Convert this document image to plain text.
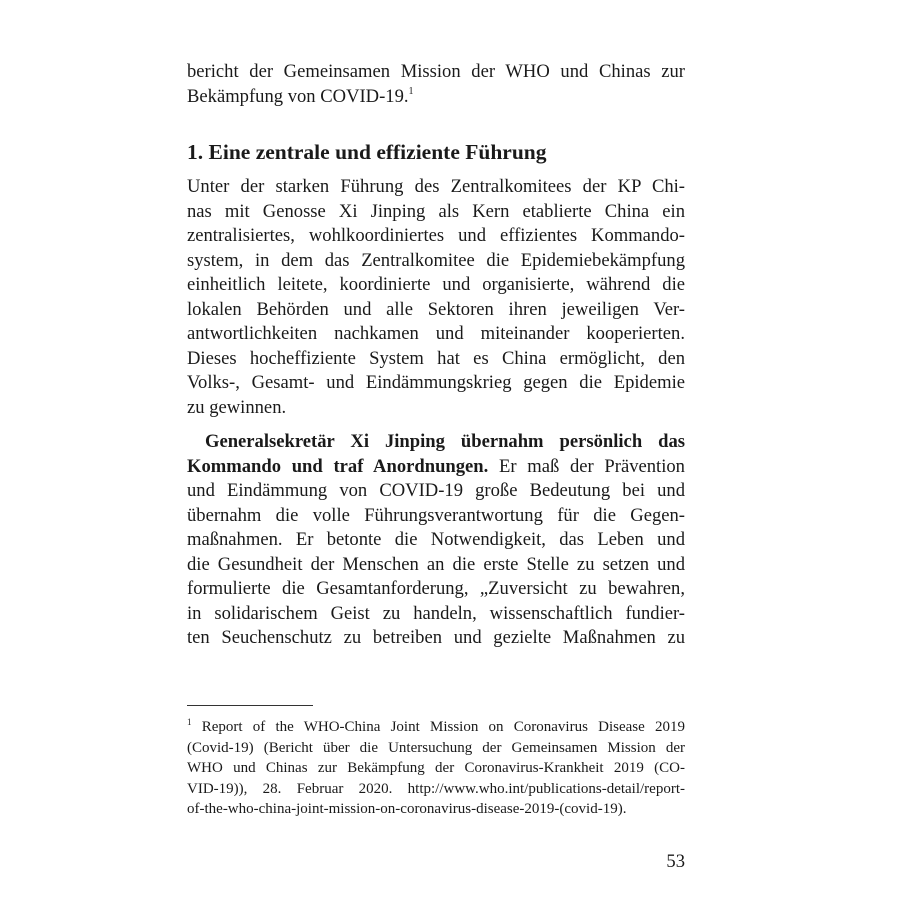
bericht der Gemeinsamen Mission der WHO und Chinas zur
Bekämpfung von COVID-19.$^1$
1. Eine zentrale und effiziente Führung
Unter der starken Führung des Zentralkomitees der KP Chi-
nas mit Genosse Xi Jinping als Kern etablierte China ein
zentralisiertes, wohlkoordiniertes und effizientes Kommando-
system, in dem das Zentralkomitee die Epidemiebekämpfung
einheitlich leitete, koordinierte und organisierte, während die
lokalen Behörden und alle Sektoren ihren jeweiligen Ver-
antwortlichkeiten nachkamen und miteinander kooperierten.
Dieses hocheffiziente System hat es China ermöglicht, den
Volks-, Gesamt- und Eindämmungskrieg gegen die Epidemie
zu gewinnen.
Generalsekretär Xi Jinping übernahm persönlich das
Kommando und traf Anordnungen. Er maß der Prävention
und Eindämmung von COVID-19 große Bedeutung bei und
übernahm die volle Führungsverantwortung für die Gegen-
maßnahmen. Er betonte die Notwendigkeit, das Leben und
die Gesundheit der Menschen an die erste Stelle zu setzen und
formulierte die Gesamtanforderung, „Zuversicht zu bewahren,
in solidarischem Geist zu handeln, wissenschaftlich fundier-
ten Seuchenschutz zu betreiben und gezielte Maßnahmen zu
$^1$ Report of the WHO-China Joint Mission on Coronavirus Disease 2019
(Covid-19) (Bericht über die Untersuchung der Gemeinsamen Mission der
WHO und Chinas zur Bekämpfung der Coronavirus-Krankheit 2019 (CO-
VID-19)), 28. Februar 2020. http://www.who.int/publications-detail/report-
of-the-who-china-joint-mission-on-coronavirus-disease-2019-(covid-19).
53
